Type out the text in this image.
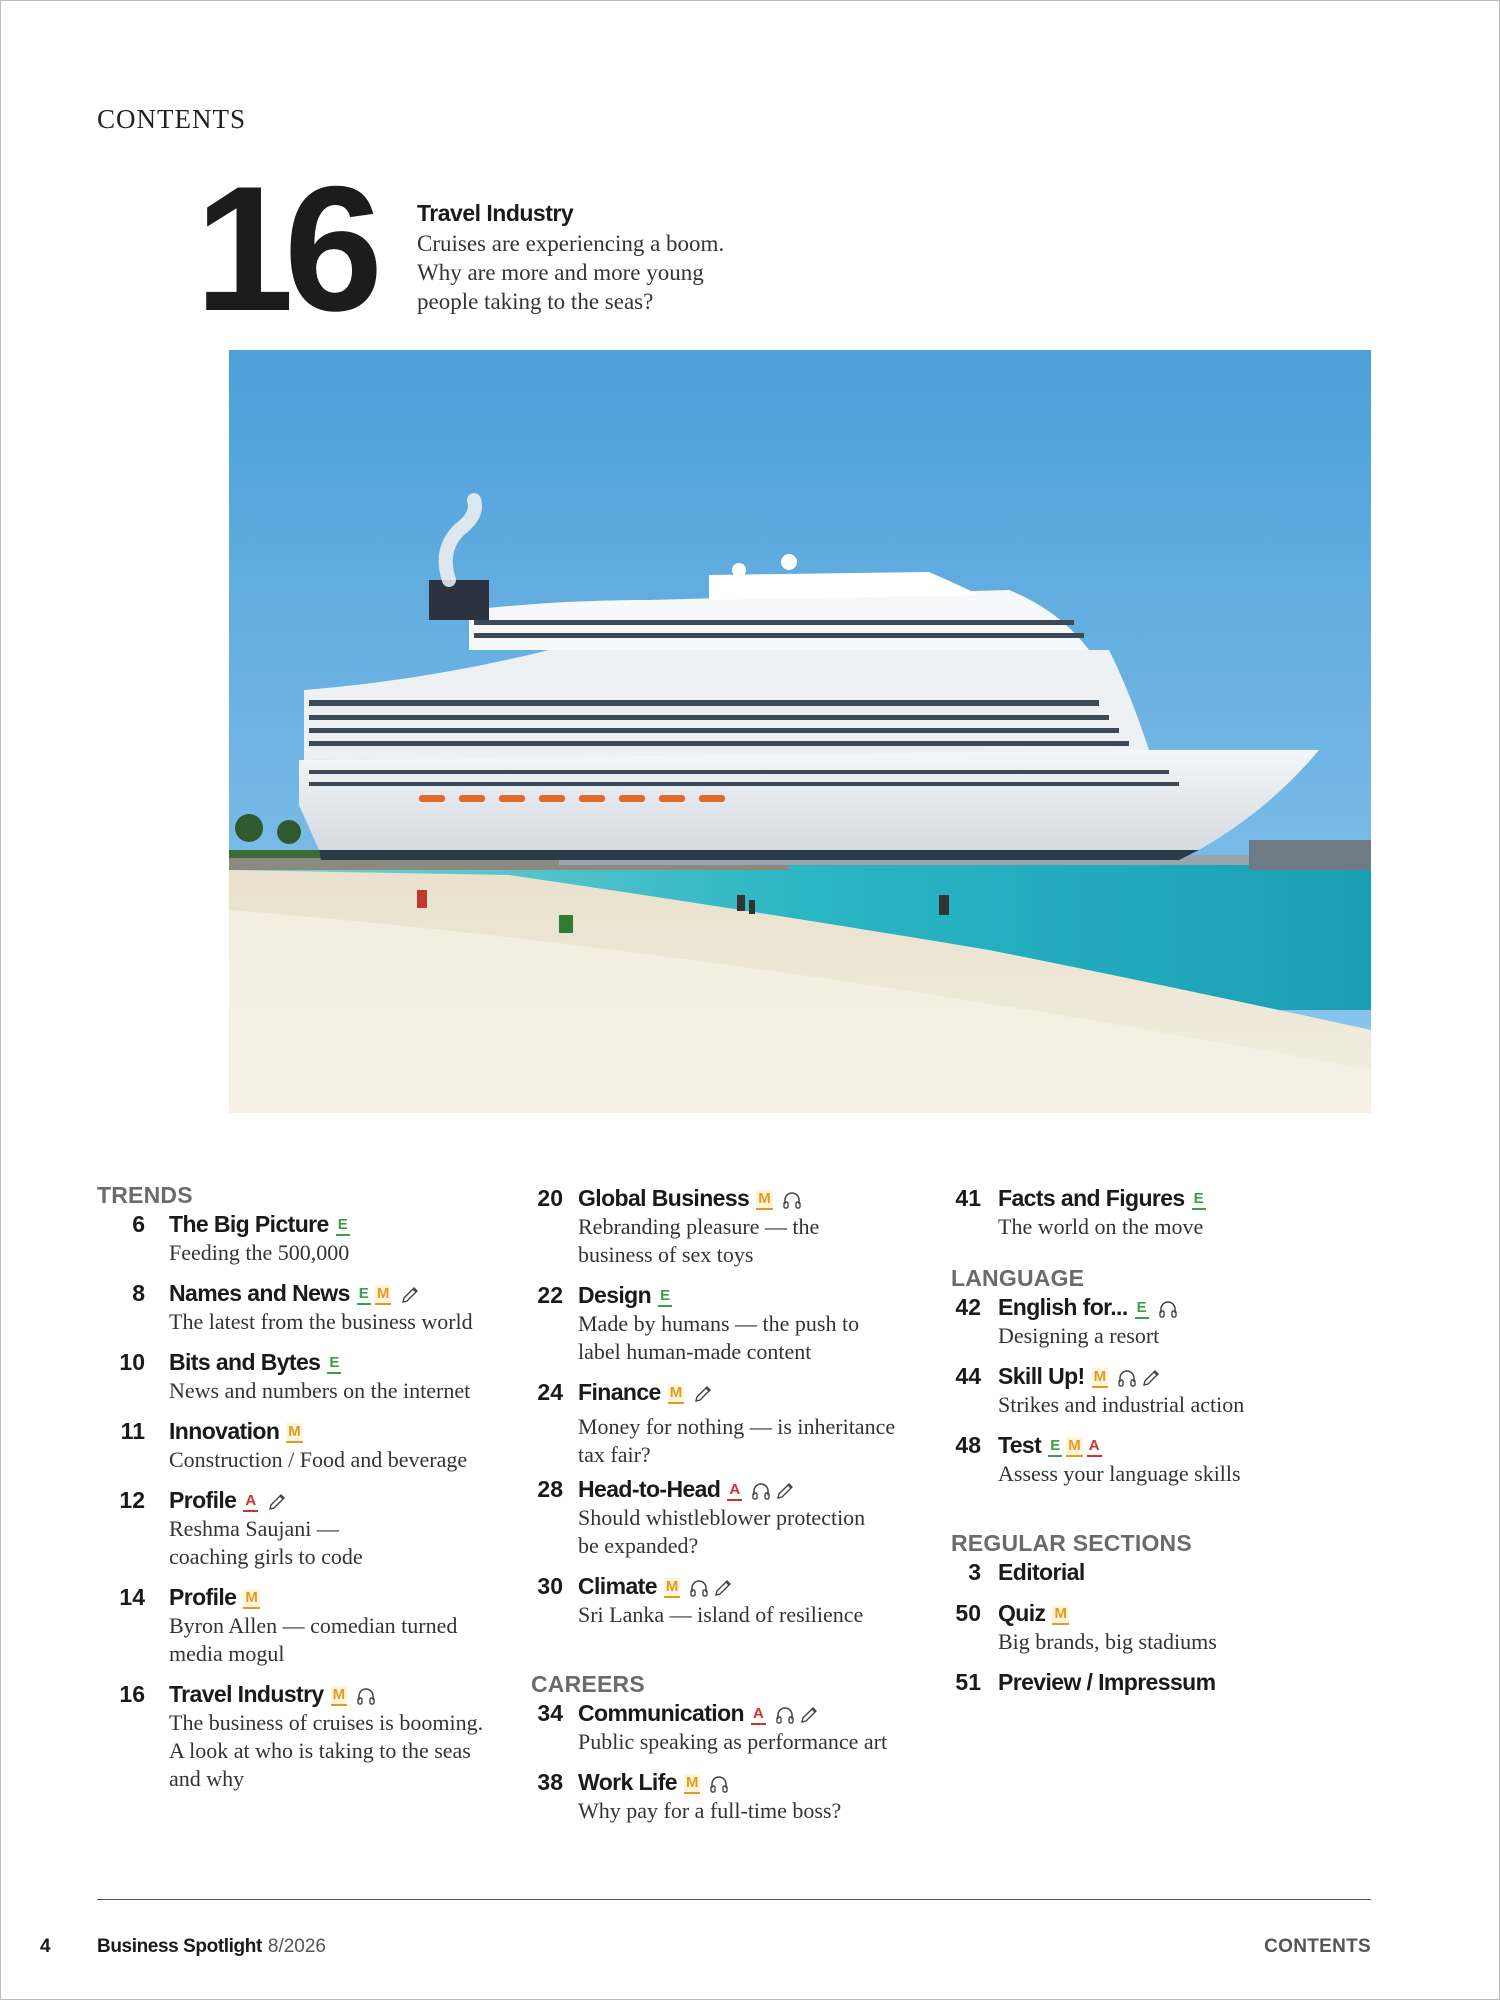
CONTENTS
16 Travel Industry
Cruises are experiencing a boom.
Why are more and more young
people taking to the seas?
TRENDS
6 The Big Picture E
Feeding the 500,000
8 Names and News E M
The latest from the business world
10 Bits and Bytes E
News and numbers on the internet
11 Innovation M
Construction / Food and beverage
12 Profile A
Reshma Saujani —
coaching girls to code
14 Profile M
Byron Allen — comedian turned
media mogul
16 Travel Industry M
The business of cruises is booming.
A look at who is taking to the seas
and why
20 Global Business M
Rebranding pleasure — the
business of sex toys
22 Design E
Made by humans — the push to
label human-made content
24 Finance M
Money for nothing — is inheritance
tax fair?
28 Head-to-Head A
Should whistleblower protection
be expanded?
30 Climate M
Sri Lanka — island of resilience
CAREERS
34 Communication A
Public speaking as performance art
38 Work Life M
Why pay for a full-time boss?
41 Facts and Figures E
The world on the move
LANGUAGE
42 English for... E
Designing a resort
44 Skill Up! M
Strikes and industrial action
48 Test E M A
Assess your language skills
REGULAR SECTIONS
3 Editorial
50 Quiz M
Big brands, big stadiums
51 Preview / Impressum
4 Business Spotlight 8/2026	CONTENTS
